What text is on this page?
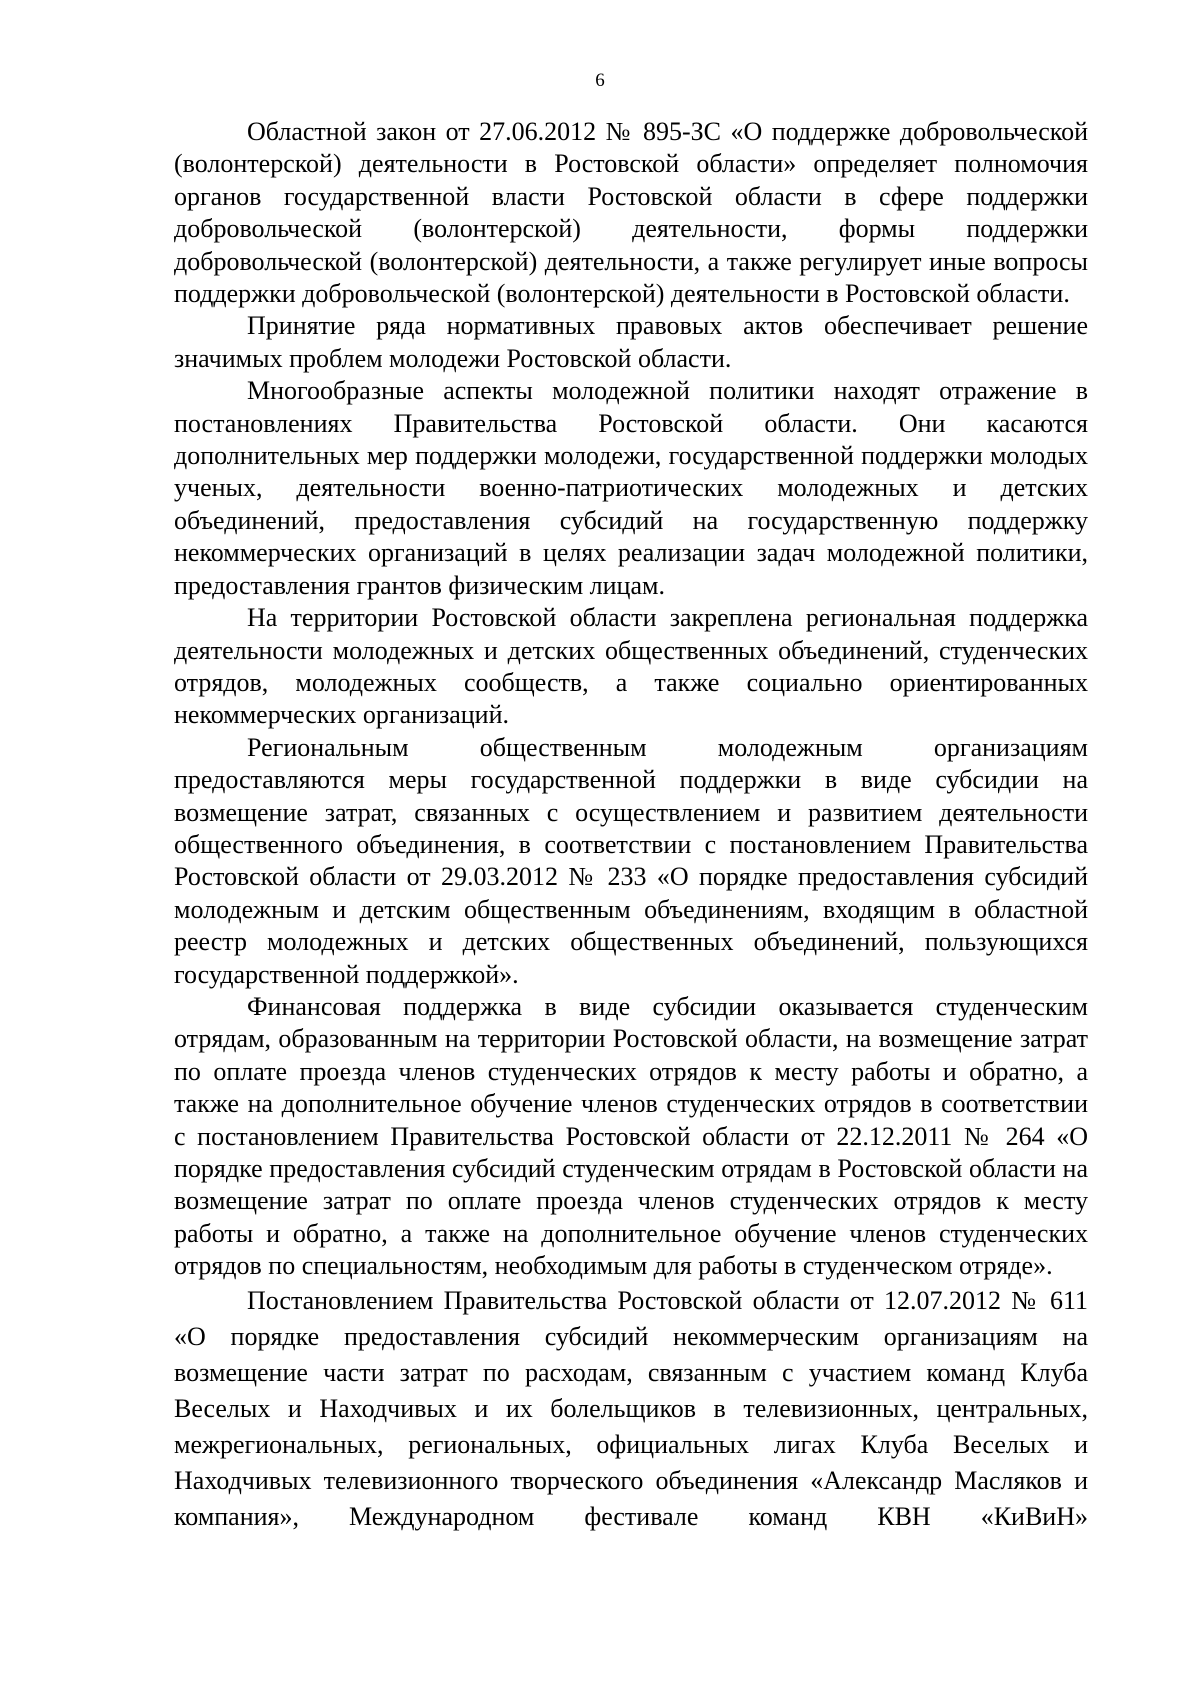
6

Областной закон от 27.06.2012 № 895-ЗС «О поддержке добровольческой (волонтерской) деятельности в Ростовской области» определяет полномочия органов государственной власти Ростовской области в сфере поддержки добровольческой (волонтерской) деятельности, формы поддержки добровольческой (волонтерской) деятельности, а также регулирует иные вопросы поддержки добровольческой (волонтерской) деятельности в Ростовской области.

Принятие ряда нормативных правовых актов обеспечивает решение значимых проблем молодежи Ростовской области.

Многообразные аспекты молодежной политики находят отражение в постановлениях Правительства Ростовской области. Они касаются дополнительных мер поддержки молодежи, государственной поддержки молодых ученых, деятельности военно-патриотических молодежных и детских объединений, предоставления субсидий на государственную поддержку некоммерческих организаций в целях реализации задач молодежной политики, предоставления грантов физическим лицам.

На территории Ростовской области закреплена региональная поддержка деятельности молодежных и детских общественных объединений, студенческих отрядов, молодежных сообществ, а также социально ориентированных некоммерческих организаций.

Региональным общественным молодежным организациям предоставляются меры государственной поддержки в виде субсидии на возмещение затрат, связанных с осуществлением и развитием деятельности общественного объединения, в соответствии с постановлением Правительства Ростовской области от 29.03.2012 № 233 «О порядке предоставления субсидий молодежным и детским общественным объединениям, входящим в областной реестр молодежных и детских общественных объединений, пользующихся государственной поддержкой».

Финансовая поддержка в виде субсидии оказывается студенческим отрядам, образованным на территории Ростовской области, на возмещение затрат по оплате проезда членов студенческих отрядов к месту работы и обратно, а также на дополнительное обучение членов студенческих отрядов в соответствии с постановлением Правительства Ростовской области от 22.12.2011 № 264 «О порядке предоставления субсидий студенческим отрядам в Ростовской области на возмещение затрат по оплате проезда членов студенческих отрядов к месту работы и обратно, а также на дополнительное обучение членов студенческих отрядов по специальностям, необходимым для работы в студенческом отряде».

Постановлением Правительства Ростовской области от 12.07.2012 № 611 «О порядке предоставления субсидий некоммерческим организациям на возмещение части затрат по расходам, связанным с участием команд Клуба Веселых и Находчивых и их болельщиков в телевизионных, центральных, межрегиональных, региональных, официальных лигах Клуба Веселых и Находчивых телевизионного творческого объединения «Александр Масляков и компания», Международном фестивале команд КВН «КиВиН»
